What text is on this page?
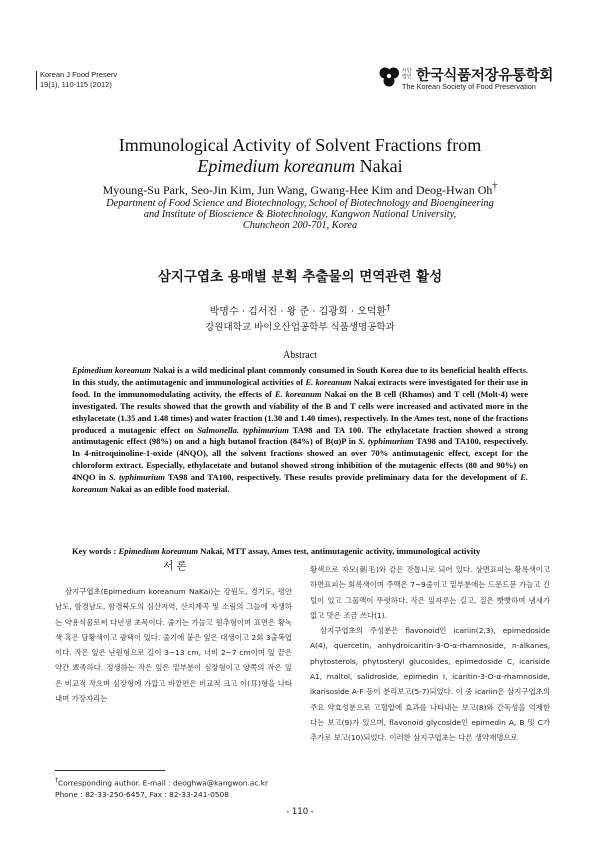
Korean J Food Preserv
19(1), 110-115 (2012)
사단법인 한국식품저장유통학회
The Korean Society of Food Preservation
Immunological Activity of Solvent Fractions from
Epimedium koreanum Nakai
Myoung-Su Park, Seo-Jin Kim, Jun Wang, Gwang-Hee Kim and Deog-Hwan Oh†
Department of Food Science and Biotechnology, School of Biotechnology and Bioengineering
and Institute of Bioscience & Biotechnology, Kangwon National University,
Chuncheon 200-701, Korea
삼지구엽초 용매별 분획 추출물의 면역관련 활성
박명수 · 김서진 · 왕 준 · 김광희 · 오덕환†
강원대학교 바이오산업공학부 식품생명공학과
Abstract
Epimedium koreanum Nakai is a wild medicinal plant commonly consumed in South Korea due to its beneficial health effects. In this study, the antimutagenic and immunological activities of E. koreanum Nakai extracts were investigated for their use in food. In the immunomodulating activity, the effects of E. koreanum Nakai on the B cell (Rhamos) and T cell (Molt-4) were investigated. The results showed that the growth and viability of the B and T cells were increased and activated more in the ethylacetate (1.35 and 1.48 times) and water fraction (1.30 and 1.40 times), respectively. In the Ames test, none of the fractions produced a mutagenic effect on Salmonella. typhimurium TA98 and TA 100. The ethylacetate fraction showed a strong antimutagenic effect (98%) on and a high butanol fraction (84%) of B(α)P in S. typhimurium TA98 and TA100, respectively. In 4-nitroquinoline-1-oxide (4NQO), all the solvent fractions showed an over 70% antimutagenic effect, except for the chloroform extract. Especially, ethylacetate and butanol showed strong inhibition of the mutagenic effects (80 and 90%) on 4NQO in S. typhimurium TA98 and TA100, respectively. These results provide preliminary data for the development of E. koreanum Nakai as an edible food material.
Key words : Epimedium koreanum Nakai, MTT assay, Ames test, antimutagenic activity, immunological activity
서 론

삼지구엽초(Epimedium koreanum NaKai)는 강원도, 경기도, 평안남도, 함경남도, 함경북도의 심산지역, 산지계곡 및 소림의 그늘에 자생하는 약용식물로써 다년생 초목이다. 줄기는 가늘고 원추형이며 표면은 황녹색 혹은 담황색이고 광택이 있다. 줄기에 붙은 잎은 대생이고 2회 3출복엽이다. 작은 잎은 난원형으로 길이 3~13 cm, 너비 2~7 cm이며 잎 끝은 약간 뾰족하다. 정생하는 작은 잎은 밑부분이 심장형이고 양쪽의 작은 잎은 비교적 작으며 심장형에 가깝고 바깥편은 비교적 크고 이(耳)형을 나타내며 가장자리는

황색으로 자모(刺毛)와 같은 잔톱니로 되어 있다. 상면표피는 황록색이고 하면표피는 회록색이며 주맥은 7~9줄이고 밑부분에는 드문드문 가늘고 긴 털이 있고 그물맥이 뚜렷하다. 작은 잎자루는 길고, 질은 빳빳하며 냄새가 없고 맛은 조금 쓰다(1).

삼지구엽초의 주성분은 flavonoid인 icariin(2,3), epimedoside A(4), quercetin, anhydroicaritin-3-O-α-rhamnoside, n-alkanes, phytosterols, phytosteryl glucosides, epimedoside C, icariside A1, maltol, salidroside, epimedin I, icaritin-3-O-α-rhamnoside, ikarisoside A-F 등이 분리보고(5-7)되었다. 이 중 icariin은 삼지구엽초의 주요 약효성분으로 고혈압에 효과를 나타내는 보고(8)와 간독성을 억제한다는 보고(9)가 있으며, flavonoid glycoside인 epimedin A, B 및 C가 추가로 보고(10)되었다. 이러한 삼지구엽초는 다른 생약재명으로

†Corresponding author. E-mail : deoghwa@kangwon.ac.kr
Phone : 82-33-250-6457, Fax : 82-33-241-0508
- 110 -
